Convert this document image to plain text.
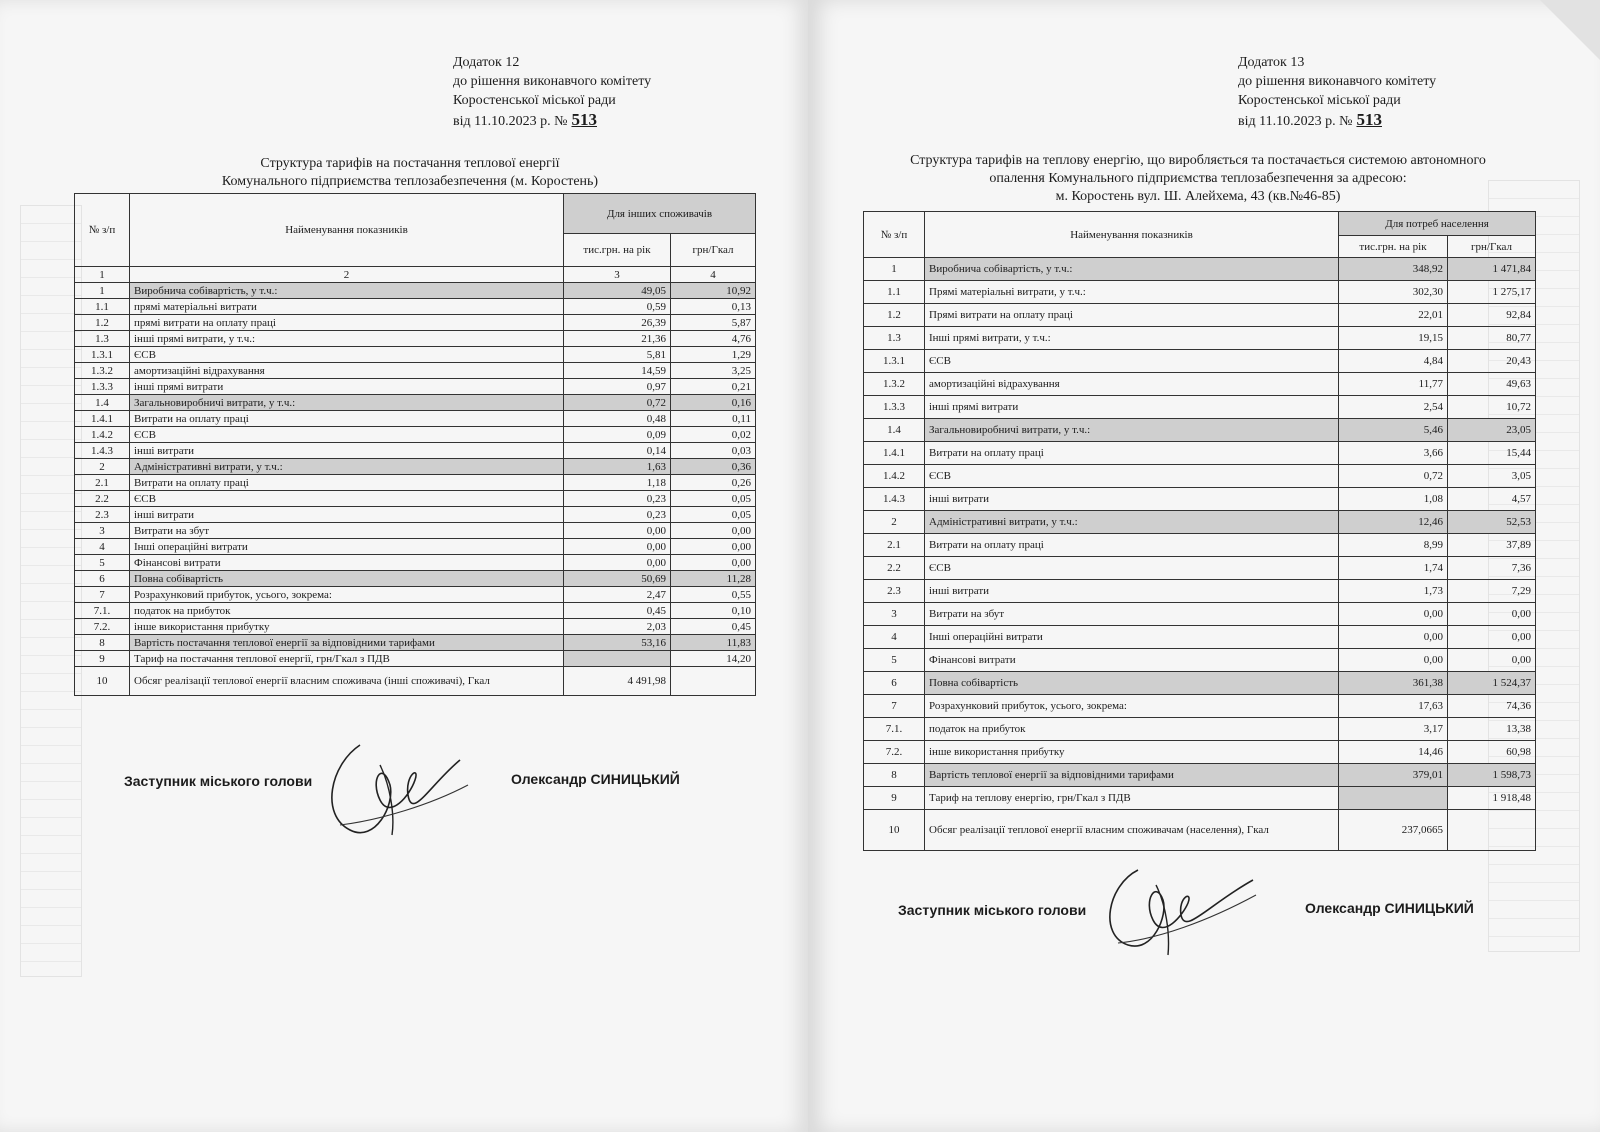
Додаток 12
до рішення виконавчого комітету
Коростенської міської ради
від 11.10.2023 р. № 513
Структура тарифів на постачання теплової енергії
Комунального підприємства теплозабезпечення (м. Коростень)
№ з/п	Найменування показників	Для інших споживачів	
		тис.грн. на рік	грн/Гкал
1	2	3	4
1	Виробнича собівартість, у т.ч.:	49,05	10,92
1.1	прямі матеріальні витрати	0,59	0,13
1.2	прямі витрати на оплату праці	26,39	5,87
1.3	інші прямі витрати, у т.ч.:	21,36	4,76
1.3.1	ЄСВ	5,81	1,29
1.3.2	амортизаційні відрахування	14,59	3,25
1.3.3	інші прямі витрати	0,97	0,21
1.4	Загальновиробничі витрати, у т.ч.:	0,72	0,16
1.4.1	Витрати на оплату праці	0,48	0,11
1.4.2	ЄСВ	0,09	0,02
1.4.3	інші витрати	0,14	0,03
2	Адміністративні витрати, у т.ч.:	1,63	0,36
2.1	Витрати на оплату праці	1,18	0,26
2.2	ЄСВ	0,23	0,05
2.3	інші витрати	0,23	0,05
3	Витрати на збут	0,00	0,00
4	Інші операційні витрати	0,00	0,00
5	Фінансові витрати	0,00	0,00
6	Повна собівартість	50,69	11,28
7	Розрахунковий прибуток, усього, зокрема:	2,47	0,55
7.1.	податок на прибуток	0,45	0,10
7.2.	інше використання прибутку	2,03	0,45
8	Вартість постачання теплової енергії за відповідними тарифами	53,16	11,83
9	Тариф на постачання теплової енергії, грн/Гкал з ПДВ		14,20
10	Обсяг реалізації теплової енергії власним споживача (інші споживачі), Гкал	4 491,98	
Заступник міського голови	Олександр СИНИЦЬКИЙ
Додаток 13
до рішення виконавчого комітету
Коростенської міської ради
від 11.10.2023 р. № 513
Структура тарифів на теплову енергію, що виробляється та постачається системою автономного
опалення Комунального підприємства теплозабезпечення за адресою:
м. Коростень вул. Ш. Алейхема, 43 (кв.№46-85)
№ з/п	Найменування показників	Для потреб населення	
		тис.грн. на рік	грн/Гкал
1	Виробнича собівартість, у т.ч.:	348,92	1 471,84
1.1	Прямі матеріальні витрати, у т.ч.:	302,30	1 275,17
1.2	Прямі витрати на оплату праці	22,01	92,84
1.3	Інші прямі витрати, у т.ч.:	19,15	80,77
1.3.1	ЄСВ	4,84	20,43
1.3.2	амортизаційні відрахування	11,77	49,63
1.3.3	інші прямі витрати	2,54	10,72
1.4	Загальновиробничі витрати, у т.ч.:	5,46	23,05
1.4.1	Витрати на оплату праці	3,66	15,44
1.4.2	ЄСВ	0,72	3,05
1.4.3	інші витрати	1,08	4,57
2	Адміністративні витрати, у т.ч.:	12,46	52,53
2.1	Витрати на оплату праці	8,99	37,89
2.2	ЄСВ	1,74	7,36
2.3	інші витрати	1,73	7,29
3	Витрати на збут	0,00	0,00
4	Інші операційні витрати	0,00	0,00
5	Фінансові витрати	0,00	0,00
6	Повна собівартість	361,38	1 524,37
7	Розрахунковий прибуток, усього, зокрема:	17,63	74,36
7.1.	податок на прибуток	3,17	13,38
7.2.	інше використання прибутку	14,46	60,98
8	Вартість теплової енергії за відповідними тарифами	379,01	1 598,73
9	Тариф на теплову енергію, грн/Гкал з ПДВ		1 918,48
10	Обсяг реалізації теплової енергії власним споживачам (населення), Гкал	237,0665	
Заступник міського голови	Олександр СИНИЦЬКИЙ
